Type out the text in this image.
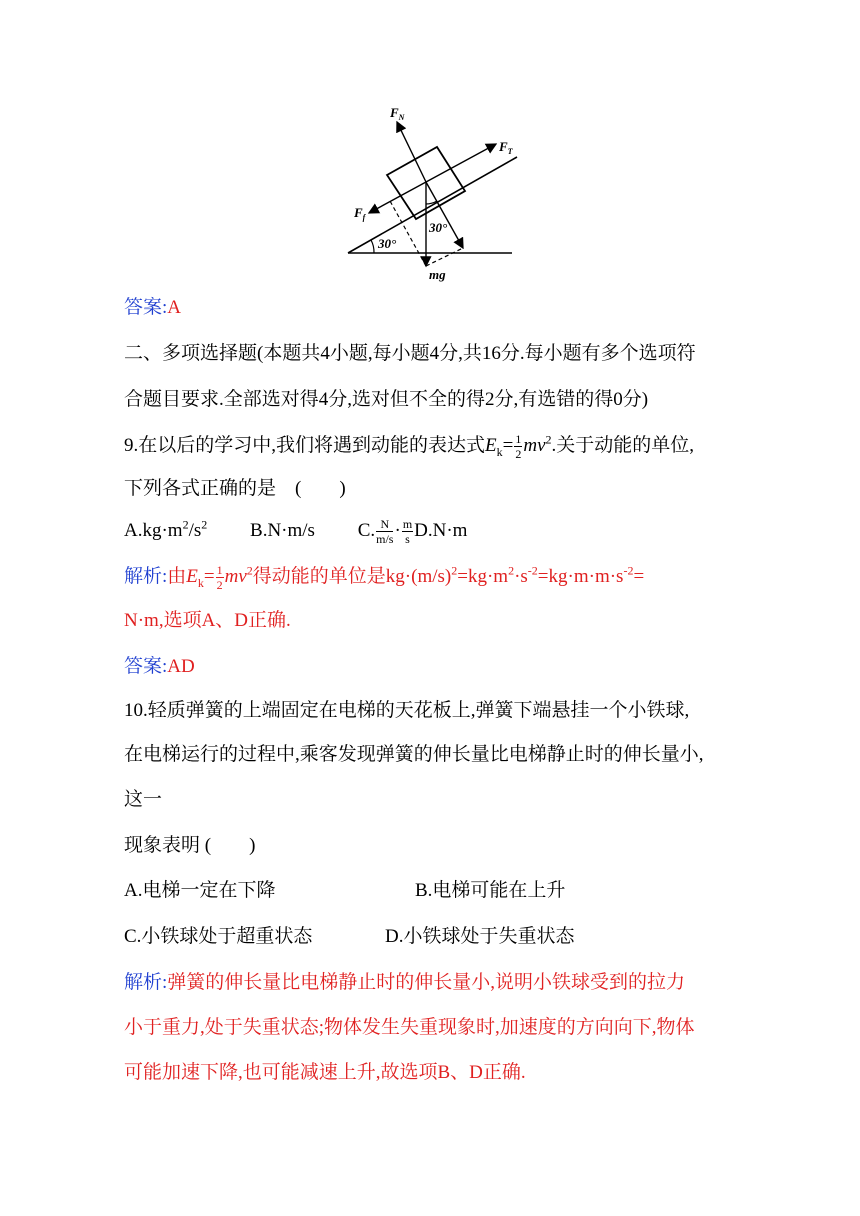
$F_N$
$F_T$
$F_f$
mg
30°
30°
答案:A
二、多项选择题(本题共4小题,每小题4分,共16分.每小题有多个选项符
合题目要求.全部选对得4分,选对但不全的得2分,有选错的得0分)
9.在以后的学习中,我们将遇到动能的表达式$E_k= \frac{1}{2} mv^2$.关于动能的单位,
下列各式正确的是　(　　)
$A.kg\cdot m^2/s^2$ B.N·m/s C. $\frac{N}{m/s} \cdot \frac{m}{s} D.N\cdot m$
解析:由$E_k= \frac{1}{2} mv^2$得动能的单位是$kg\cdot(m/s)^2=kg\cdot m^2\cdot s^{-2}=kg\cdot m\cdot m\cdot s^{-2}=$
N·m,选项A、D正确.
答案:AD
10.轻质弹簧的上端固定在电梯的天花板上,弹簧下端悬挂一个小铁球,
在电梯运行的过程中,乘客发现弹簧的伸长量比电梯静止时的伸长量小,
这一
现象表明 (　　)
A.电梯一定在下降	B.电梯可能在上升
C.小铁球处于超重状态	D.小铁球处于失重状态
解析:弹簧的伸长量比电梯静止时的伸长量小,说明小铁球受到的拉力
小于重力,处于失重状态;物体发生失重现象时,加速度的方向向下,物体
可能加速下降,也可能减速上升,故选项B、D正确.
